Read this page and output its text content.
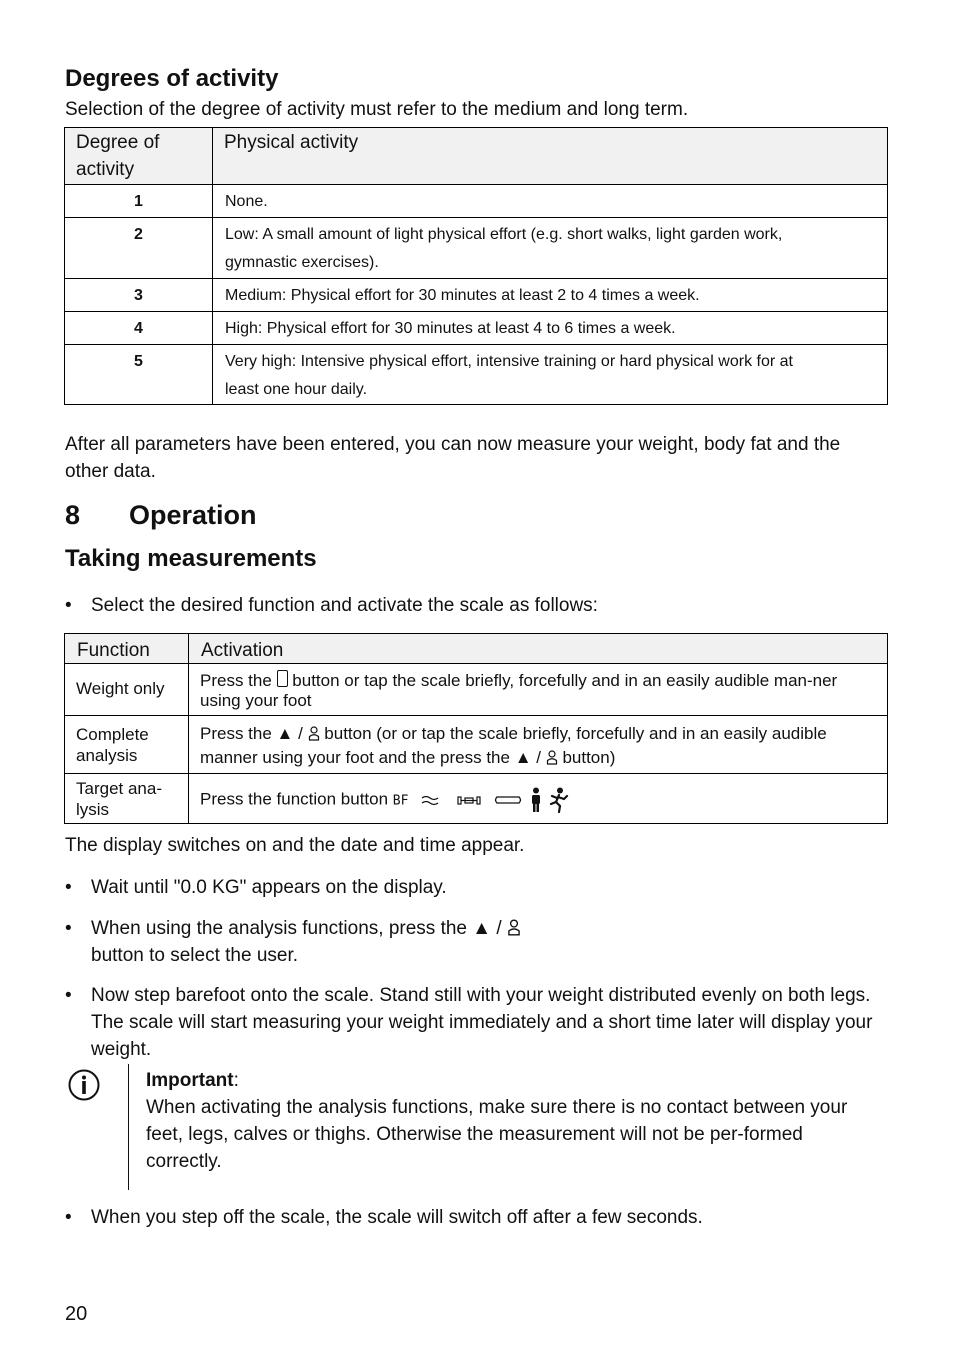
Degrees of activity

Selection of the degree of activity must refer to the medium and long term.

Degree of activity	Physical activity
1	None.
2	Low: A small amount of light physical effort (e.g. short walks, light garden work, gymnastic exercises).
3	Medium: Physical effort for 30 minutes at least 2 to 4 times a week.
4	High: Physical effort for 30 minutes at least 4 to 6 times a week.
5	Very high: Intensive physical effort, intensive training or hard physical work for at least one hour daily.

After all parameters have been entered, you can now measure your weight, body fat and the other data.

8 Operation
Taking measurements
• Select the desired function and activate the scale as follows:
Function	Activation
Weight only	Press the button or tap the scale briefly, forcefully and in an easily audible man-ner using your foot
Complete analysis	Press the ▲ / button (or or tap the scale briefly, forcefully and in an easily audible manner using your foot and the press the ▲ / button)
Target ana-lysis	Press the function button BF

The display switches on and the date and time appear.

• Wait until "0.0 KG" appears on the display.
• When using the analysis functions, press the ▲ /
button to select the user.
• Now step barefoot onto the scale. Stand still with your weight distributed evenly on both legs. The scale will start measuring your weight immediately and a short time later will display your weight.
Important:
When activating the analysis functions, make sure there is no contact between your feet, legs, calves or thighs. Otherwise the measurement will not be per-formed correctly.
• When you step off the scale, the scale will switch off after a few seconds.

20
